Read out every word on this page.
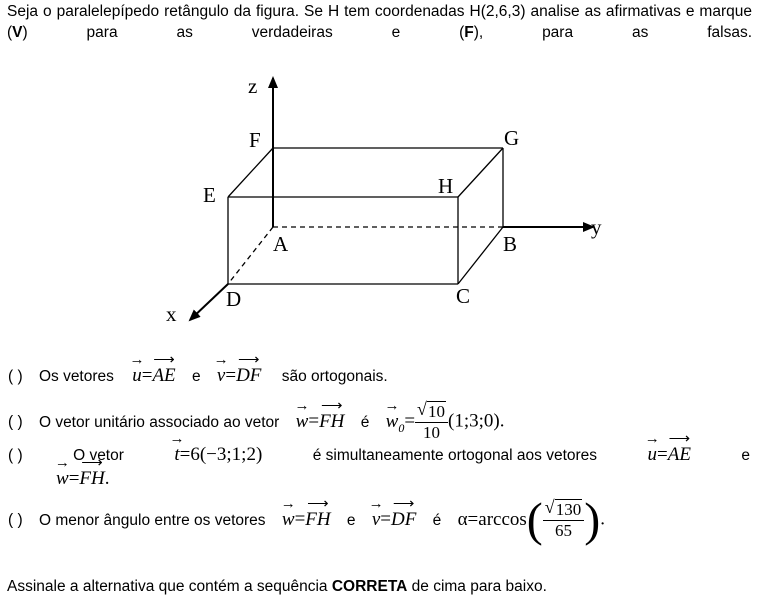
Seja o paralelepípedo retângulo da figura. Se H tem coordenadas H(2,6,3) analise as afirmativas e marque (V) para as verdadeiras e (F), para as falsas.
z
y
x
F	G
E	H
A	B
D	C
( ) Os vetores → u=⟶ AE e → v=⟶ DF são ortogonais.
( ) O vetor unitário associado ao vetor → w=⟶ FH é → $w_0= \frac{√ 10}{10}$ (1;3;0).
( )	O vetor	→ t=6(−3;1;2)	é simultaneamente ortogonal aos vetores	→ u=⟶ AE	e
→ w=⟶ FH.
( ) O menor ângulo entre os vetores → w=⟶ FH e → v=⟶ DF é $\alpha=\arccos( \frac{√ 130}{65}$ ).
Assinale a alternativa que contém a sequência CORRETA de cima para baixo.
